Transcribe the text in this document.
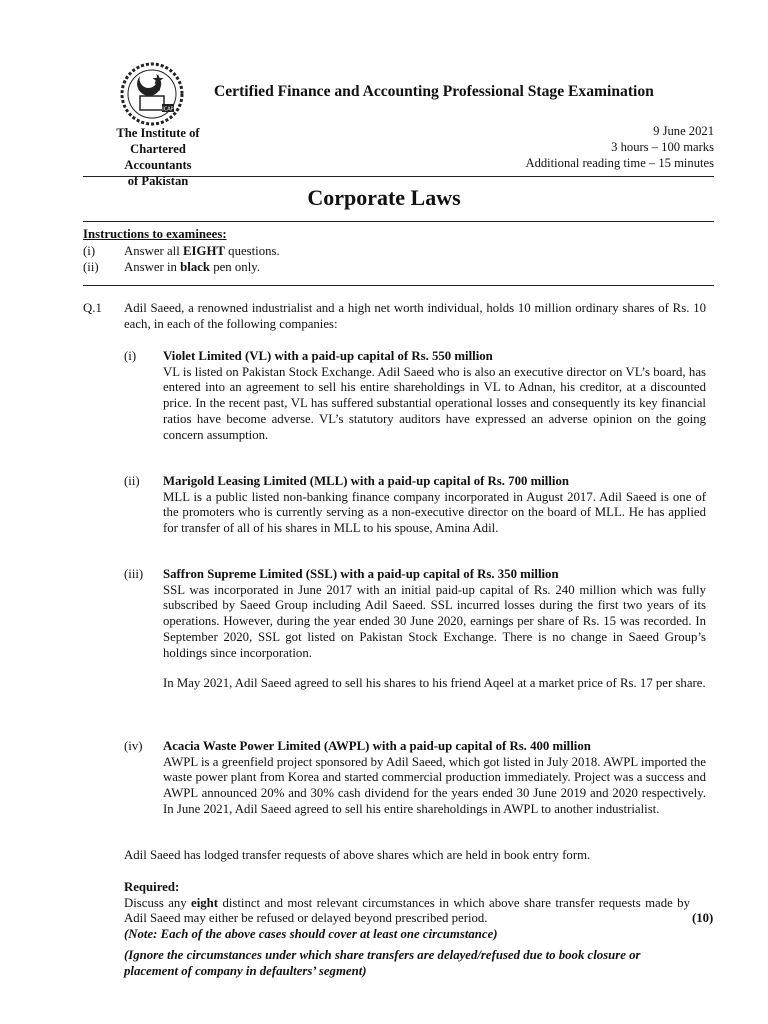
ICAP
Certified Finance and Accounting Professional Stage Examination
The Institute of
Chartered Accountants
of Pakistan
9 June 2021
3 hours – 100 marks
Additional reading time – 15 minutes
Corporate Laws
Instructions to examinees:
(i) Answer all EIGHT questions.
(ii) Answer in black pen only.
Q.1 Adil Saeed, a renowned industrialist and a high net worth individual, holds 10 million ordinary shares of Rs. 10 each, in each of the following companies:
(i) Violet Limited (VL) with a paid-up capital of Rs. 550 million
VL is listed on Pakistan Stock Exchange. Adil Saeed who is also an executive director on VL’s board, has entered into an agreement to sell his entire shareholdings in VL to Adnan, his creditor, at a discounted price. In the recent past, VL has suffered substantial operational losses and consequently its key financial ratios have become adverse. VL’s statutory auditors have expressed an adverse opinion on the going concern assumption.
(ii) Marigold Leasing Limited (MLL) with a paid-up capital of Rs. 700 million
MLL is a public listed non-banking finance company incorporated in August 2017. Adil Saeed is one of the promoters who is currently serving as a non-executive director on the board of MLL. He has applied for transfer of all of his shares in MLL to his spouse, Amina Adil.
(iii) Saffron Supreme Limited (SSL) with a paid-up capital of Rs. 350 million
SSL was incorporated in June 2017 with an initial paid-up capital of Rs. 240 million which was fully subscribed by Saeed Group including Adil Saeed. SSL incurred losses during the first two years of its operations. However, during the year ended 30 June 2020, earnings per share of Rs. 15 was recorded. In September 2020, SSL got listed on Pakistan Stock Exchange. There is no change in Saeed Group’s holdings since incorporation.
In May 2021, Adil Saeed agreed to sell his shares to his friend Aqeel at a market price of Rs. 17 per share.
(iv) Acacia Waste Power Limited (AWPL) with a paid-up capital of Rs. 400 million
AWPL is a greenfield project sponsored by Adil Saeed, which got listed in July 2018. AWPL imported the waste power plant from Korea and started commercial production immediately. Project was a success and AWPL announced 20% and 30% cash dividend for the years ended 30 June 2019 and 2020 respectively. In June 2021, Adil Saeed agreed to sell his entire shareholdings in AWPL to another industrialist.
Adil Saeed has lodged transfer requests of above shares which are held in book entry form.
Required:
Discuss any eight distinct and most relevant circumstances in which above share transfer requests made by Adil Saeed may either be refused or delayed beyond prescribed period.
(Note: Each of the above cases should cover at least one circumstance)
(Ignore the circumstances under which share transfers are delayed/refused due to book closure or placement of company in defaulters’ segment)
(10)
